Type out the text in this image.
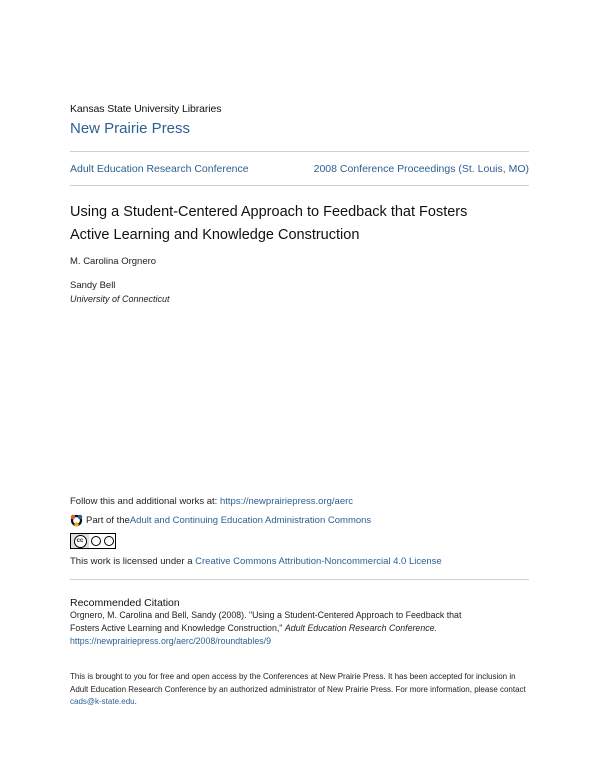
Kansas State University Libraries
New Prairie Press
Adult Education Research Conference	2008 Conference Proceedings (St. Louis, MO)
Using a Student-Centered Approach to Feedback that Fosters
Active Learning and Knowledge Construction
M. Carolina Orgnero
Sandy Bell
University of Connecticut
Follow this and additional works at: https://newprairiepress.org/aerc
Part of the Adult and Continuing Education Administration Commons
cc
This work is licensed under a Creative Commons Attribution-Noncommercial 4.0 License
Recommended Citation
Orgnero, M. Carolina and Bell, Sandy (2008). "Using a Student-Centered Approach to Feedback that
Fosters Active Learning and Knowledge Construction," Adult Education Research Conference.
https://newprairiepress.org/aerc/2008/roundtables/9
This is brought to you for free and open access by the Conferences at New Prairie Press. It has been accepted for inclusion in Adult Education Research Conference by an authorized administrator of New Prairie Press. For more information, please contact cads@k-state.edu.
